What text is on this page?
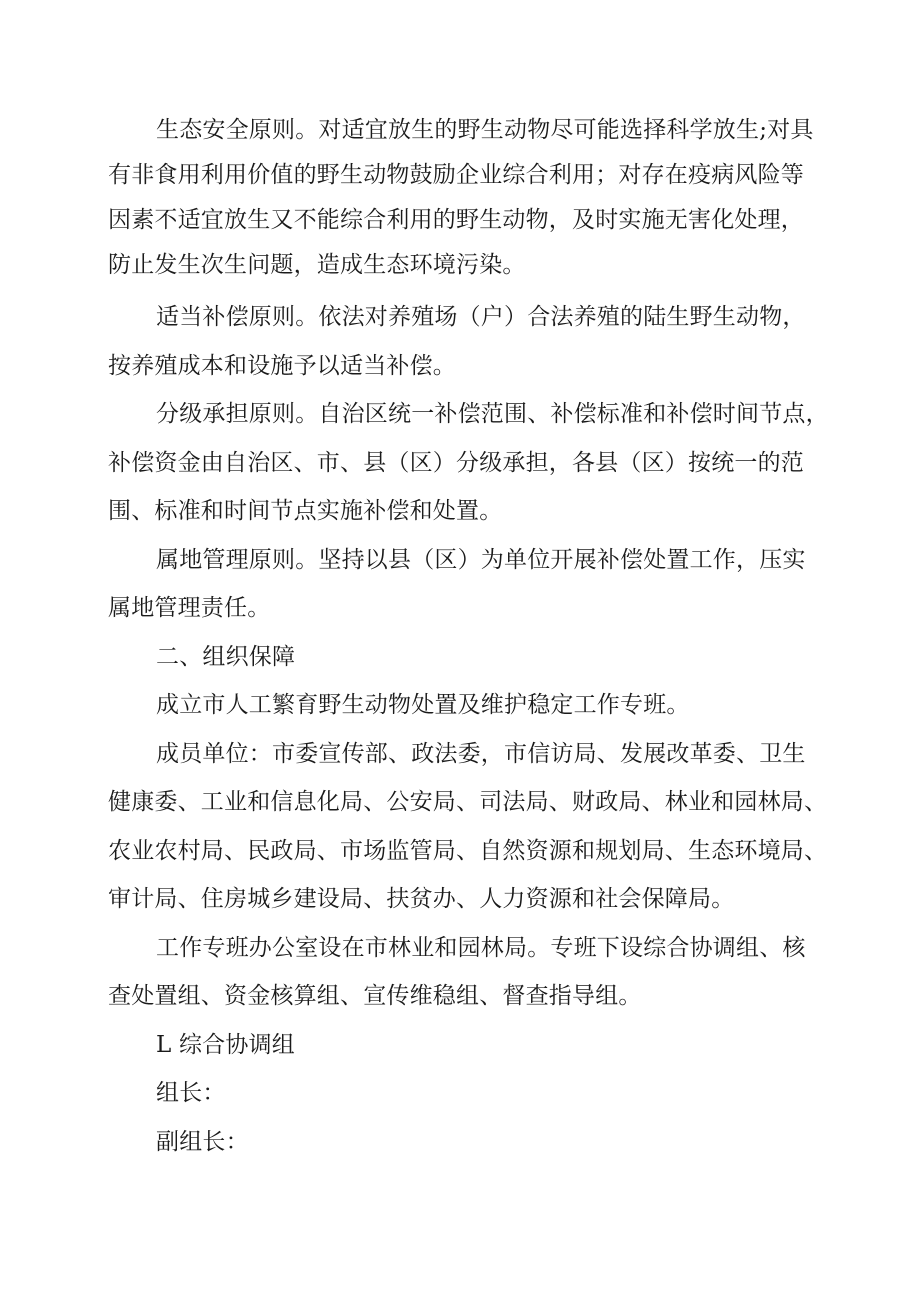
生态安全原则。对适宜放生的野生动物尽可能选择科学放生;对具
有非食用利用价值的野生动物鼓励企业综合利用；对存在疫病风险等
因素不适宜放生又不能综合利用的野生动物，及时实施无害化处理，
防止发生次生问题，造成生态环境污染。

适当补偿原则。依法对养殖场（户）合法养殖的陆生野生动物，
按养殖成本和设施予以适当补偿。

分级承担原则。自治区统一补偿范围、补偿标准和补偿时间节点，
补偿资金由自治区、市、县（区）分级承担，各县（区）按统一的范
围、标准和时间节点实施补偿和处置。

属地管理原则。坚持以县（区）为单位开展补偿处置工作，压实
属地管理责任。

二、组织保障

成立市人工繁育野生动物处置及维护稳定工作专班。

成员单位：市委宣传部、政法委，市信访局、发展改革委、卫生
健康委、工业和信息化局、公安局、司法局、财政局、林业和园林局、
农业农村局、民政局、市场监管局、自然资源和规划局、生态环境局、
审计局、住房城乡建设局、扶贫办、人力资源和社会保障局。

工作专班办公室设在市林业和园林局。专班下设综合协调组、核
查处置组、资金核算组、宣传维稳组、督查指导组。

L 综合协调组

组长：

副组长：
